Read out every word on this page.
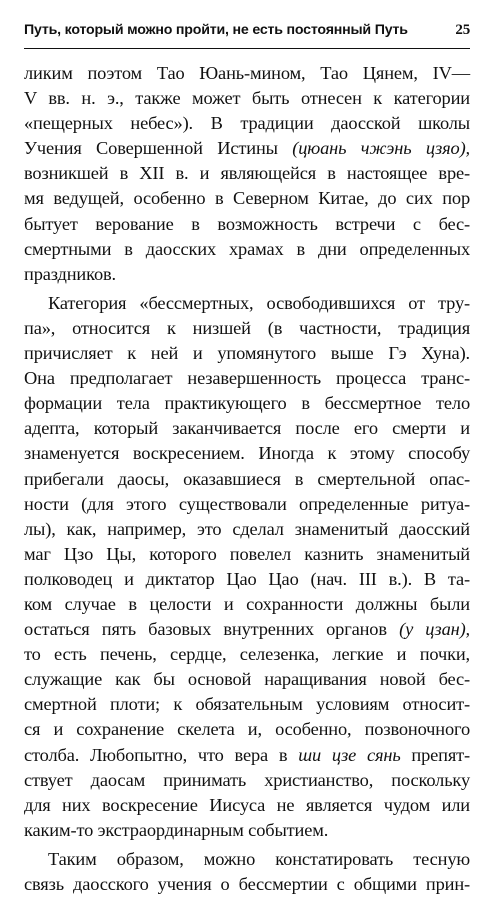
Путь, который можно пройти, не есть постоянный Путь	25
ликим поэтом Тао Юань-мином, Тао Цянем, IV—
V вв. н. э., также может быть отнесен к категории
«пещерных небес»). В традиции даосской школы
Учения Совершенной Истины (цюань чжэнь цзяо),
возникшей в XII в. и являющейся в настоящее вре-
мя ведущей, особенно в Северном Китае, до сих пор
бытует верование в возможность встречи с бес-
смертными в даосских храмах в дни определенных
праздников.
Категория «бессмертных, освободившихся от тру-
па», относится к низшей (в частности, традиция
причисляет к ней и упомянутого выше Гэ Хуна).
Она предполагает незавершенность процесса транс-
формации тела практикующего в бессмертное тело
адепта, который заканчивается после его смерти и
знаменуется воскресением. Иногда к этому способу
прибегали даосы, оказавшиеся в смертельной опас-
ности (для этого существовали определенные ритуа-
лы), как, например, это сделал знаменитый даосский
маг Цзо Цы, которого повелел казнить знаменитый
полководец и диктатор Цао Цао (нач. III в.). В та-
ком случае в целости и сохранности должны были
остаться пять базовых внутренних органов (у цзан),
то есть печень, сердце, селезенка, легкие и почки,
служащие как бы основой наращивания новой бес-
смертной плоти; к обязательным условиям относит-
ся и сохранение скелета и, особенно, позвоночного
столба. Любопытно, что вера в ши цзе сянь препят-
ствует даосам принимать христианство, поскольку
для них воскресение Иисуса не является чудом или
каким-то экстраординарным событием.
Таким образом, можно констатировать тесную
связь даосского учения о бессмертии с общими прин-
